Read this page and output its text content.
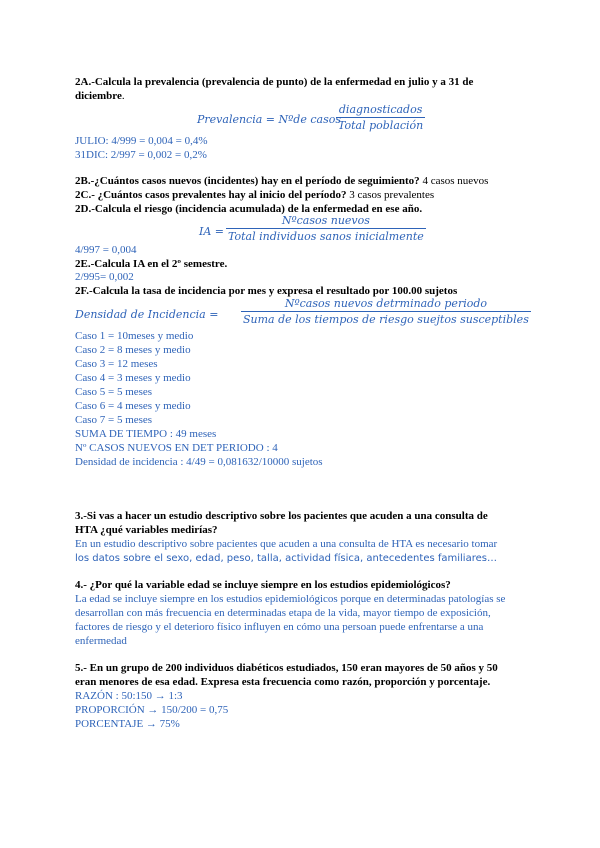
2A.-Calcula la prevalencia (prevalencia de punto) de la enfermedad en julio y a 31 de
diciembre.
Prevalencia = Nºde casos
diagnosticados
Total población
JULIO: 4/999 = 0,004 = 0,4%
31DIC: 2/997 = 0,002 = 0,2%
2B.-¿Cuántos casos nuevos (incidentes) hay en el período de seguimiento? 4 casos nuevos
2C.- ¿Cuántos casos prevalentes hay al inicio del período? 3 casos prevalentes
2D.-Calcula el riesgo (incidencia acumulada) de la enfermedad en ese año.
IA =
Nºcasos nuevos
Total individuos sanos inicialmente
4/997 = 0,004
2E.-Calcula IA en el 2º semestre.
2/995= 0,002
2F.-Calcula la tasa de incidencia por mes y expresa el resultado por 100.00 sujetos
Densidad de Incidencia =
Nºcasos nuevos detrminado periodo
Suma de los tiempos de riesgo suejtos susceptibles
Caso 1 = 10meses y medio
Caso 2 = 8 meses y medio
Caso 3 = 12 meses
Caso 4 = 3 meses y medio
Caso 5 = 5 meses
Caso 6 = 4 meses y medio
Caso 7 = 5 meses
SUMA DE TIEMPO : 49 meses
Nº CASOS NUEVOS EN DET PERIODO : 4
Densidad de incidencia : 4/49 = 0,081632/10000 sujetos
3.-Si vas a hacer un estudio descriptivo sobre los pacientes que acuden a una consulta de
HTA ¿qué variables medirías?
En un estudio descriptivo sobre pacientes que acuden a una consulta de HTA es necesario tomar
los datos sobre el sexo, edad, peso, talla, actividad física, antecedentes familiares…
4.- ¿Por qué la variable edad se incluye siempre en los estudios epidemiológicos?
La edad se incluye siempre en los estudios epidemiológicos porque en determinadas patologías se
desarrollan con más frecuencia en determinadas etapa de la vida, mayor tiempo de exposición,
factores de riesgo y el deterioro físico influyen en cómo una persoan puede enfrentarse a una
enfermedad
5.- En un grupo de 200 individuos diabéticos estudiados, 150 eran mayores de 50 años y 50
eran menores de esa edad. Expresa esta frecuencia como razón, proporción y porcentaje.
RAZÓN : 50:150 → 1:3
PROPORCIÓN → 150/200 = 0,75
PORCENTAJE → 75%
